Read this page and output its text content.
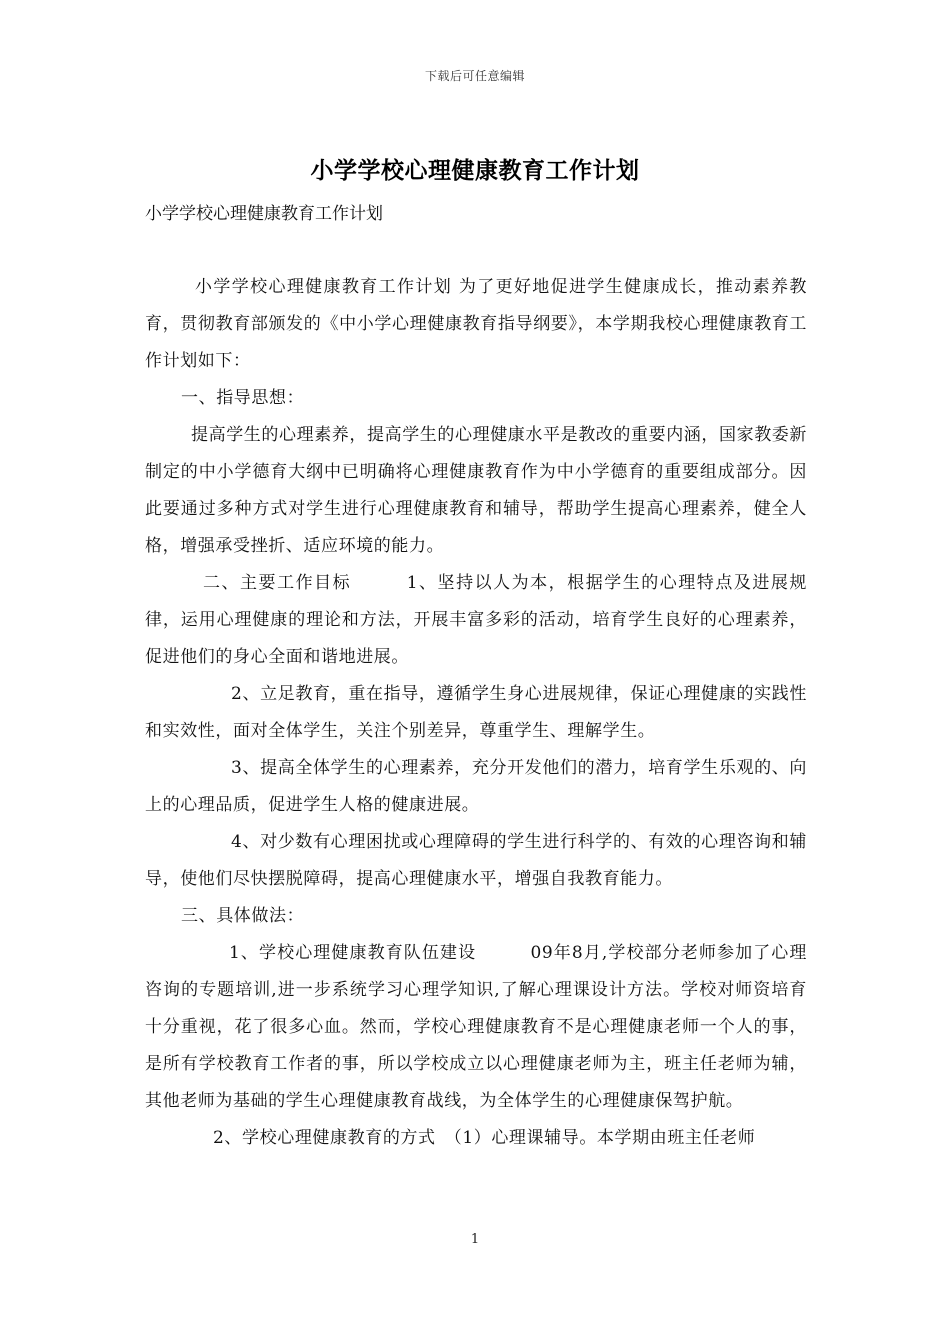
下载后可任意编辑
小学学校心理健康教育工作计划
小学学校心理健康教育工作计划

小学学校心理健康教育工作计划 为了更好地促进学生健康成长，推动素养教育，贯彻教育部颁发的《中小学心理健康教育指导纲要》，本学期我校心理健康教育工作计划如下：

一、指导思想：

提高学生的心理素养，提高学生的心理健康水平是教改的重要内涵，国家教委新制定的中小学德育大纲中已明确将心理健康教育作为中小学德育的重要组成部分。因此要通过多种方式对学生进行心理健康教育和辅导，帮助学生提高心理素养，健全人格，增强承受挫折、适应环境的能力。

二、主要工作目标　　　1、坚持以人为本，根据学生的心理特点及进展规律，运用心理健康的理论和方法，开展丰富多彩的活动，培育学生良好的心理素养，促进他们的身心全面和谐地进展。

2、立足教育，重在指导，遵循学生身心进展规律，保证心理健康的实践性和实效性，面对全体学生，关注个别差异，尊重学生、理解学生。

3、提高全体学生的心理素养，充分开发他们的潜力，培育学生乐观的、向上的心理品质，促进学生人格的健康进展。

4、对少数有心理困扰或心理障碍的学生进行科学的、有效的心理咨询和辅导，使他们尽快摆脱障碍，提高心理健康水平，增强自我教育能力。

三、具体做法：

1、学校心理健康教育队伍建设　　　09年8月,学校部分老师参加了心理咨询的专题培训,进一步系统学习心理学知识,了解心理课设计方法。学校对师资培育十分重视，花了很多心血。然而，学校心理健康教育不是心理健康老师一个人的事，是所有学校教育工作者的事，所以学校成立以心理健康老师为主，班主任老师为辅，其他老师为基础的学生心理健康教育战线，为全体学生的心理健康保驾护航。

2、学校心理健康教育的方式　（1）心理课辅导。本学期由班主任老师

1
